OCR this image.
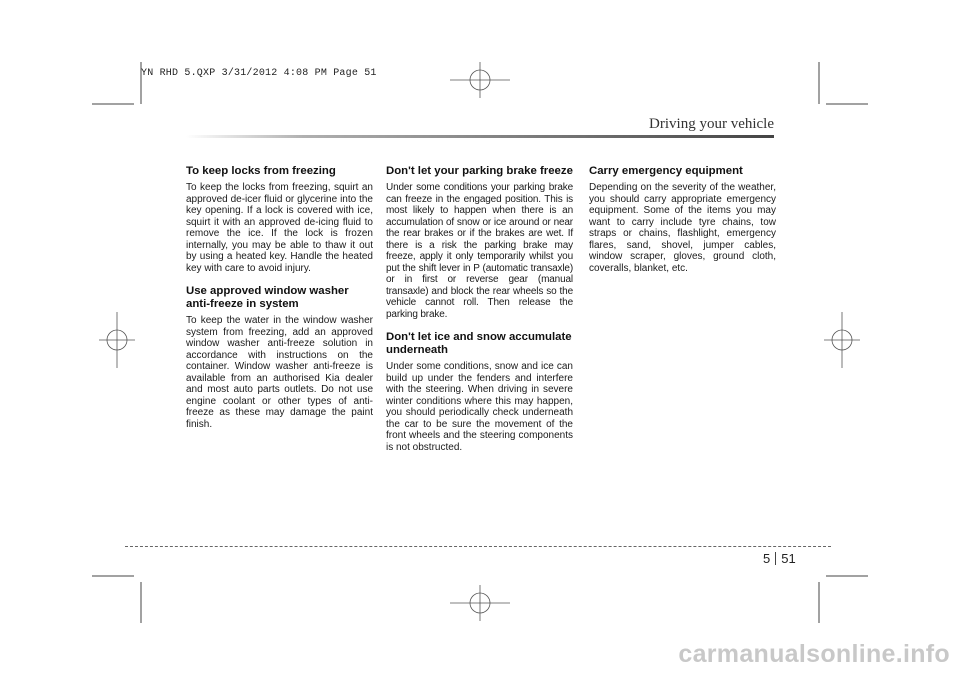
YN RHD 5.QXP 3/31/2012 4:08 PM Page 51
Driving your vehicle
To keep locks from freezing

To keep the locks from freezing, squirt an approved de-icer fluid or glycerine into the key opening. If a lock is covered with ice, squirt it with an approved de-icing fluid to remove the ice. If the lock is frozen internally, you may be able to thaw it out by using a heated key. Handle the heated key with care to avoid injury.

Use approved window washer anti-freeze in system

To keep the water in the window washer system from freezing, add an approved window washer anti-freeze solution in accordance with instructions on the container. Window washer anti-freeze is available from an authorised Kia dealer and most auto parts outlets. Do not use engine coolant or other types of anti-freeze as these may damage the paint finish.

Don't let your parking brake freeze

Under some conditions your parking brake can freeze in the engaged position. This is most likely to happen when there is an accumulation of snow or ice around or near the rear brakes or if the brakes are wet. If there is a risk the parking brake may freeze, apply it only temporarily whilst you put the shift lever in P (automatic transaxle) or in first or reverse gear (manual transaxle) and block the rear wheels so the vehicle cannot roll. Then release the parking brake.

Don't let ice and snow accumulate underneath

Under some conditions, snow and ice can build up under the fenders and interfere with the steering. When driving in severe winter conditions where this may happen, you should periodically check underneath the car to be sure the movement of the front wheels and the steering components is not obstructed.

Carry emergency equipment

Depending on the severity of the weather, you should carry appropriate emergency equipment. Some of the items you may want to carry include tyre chains, tow straps or chains, flashlight, emergency flares, sand, shovel, jumper cables, window scraper, gloves, ground cloth, coveralls, blanket, etc.

5 51
carmanualsonline.info
